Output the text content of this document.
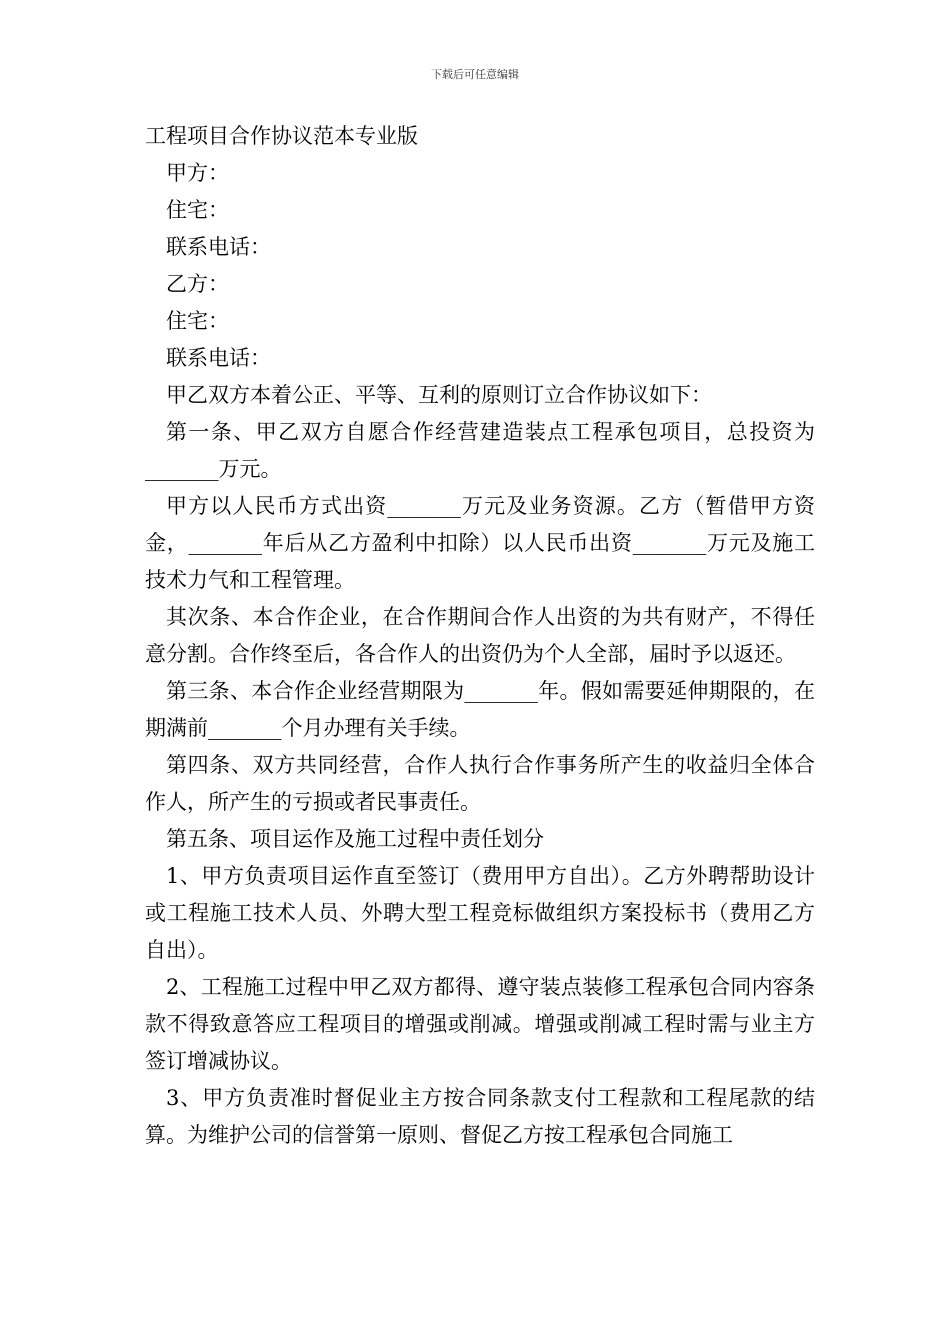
下载后可任意编辑

工程项目合作协议范本专业版

甲方：

住宅：

联系电话：

乙方：

住宅：

联系电话：

甲乙双方本着公正、平等、互利的原则订立合作协议如下：

第一条、甲乙双方自愿合作经营建造装点工程承包项目，总投资为_______万元。

甲方以人民币方式出资_______万元及业务资源。乙方（暂借甲方资金，_______年后从乙方盈利中扣除）以人民币出资_______万元及施工技术力气和工程管理。

其次条、本合作企业，在合作期间合作人出资的为共有财产，不得任意分割。合作终至后，各合作人的出资仍为个人全部，届时予以返还。

第三条、本合作企业经营期限为_______年。假如需要延伸期限的，在期满前_______个月办理有关手续。

第四条、双方共同经营，合作人执行合作事务所产生的收益归全体合作人，所产生的亏损或者民事责任。

第五条、项目运作及施工过程中责任划分

1、甲方负责项目运作直至签订（费用甲方自出）。乙方外聘帮助设计或工程施工技术人员、外聘大型工程竞标做组织方案投标书（费用乙方自出）。

2、工程施工过程中甲乙双方都得、遵守装点装修工程承包合同内容条款不得致意答应工程项目的增强或削减。增强或削减工程时需与业主方签订增减协议。

3、甲方负责准时督促业主方按合同条款支付工程款和工程尾款的结算。为维护公司的信誉第一原则、督促乙方按工程承包合同施工
